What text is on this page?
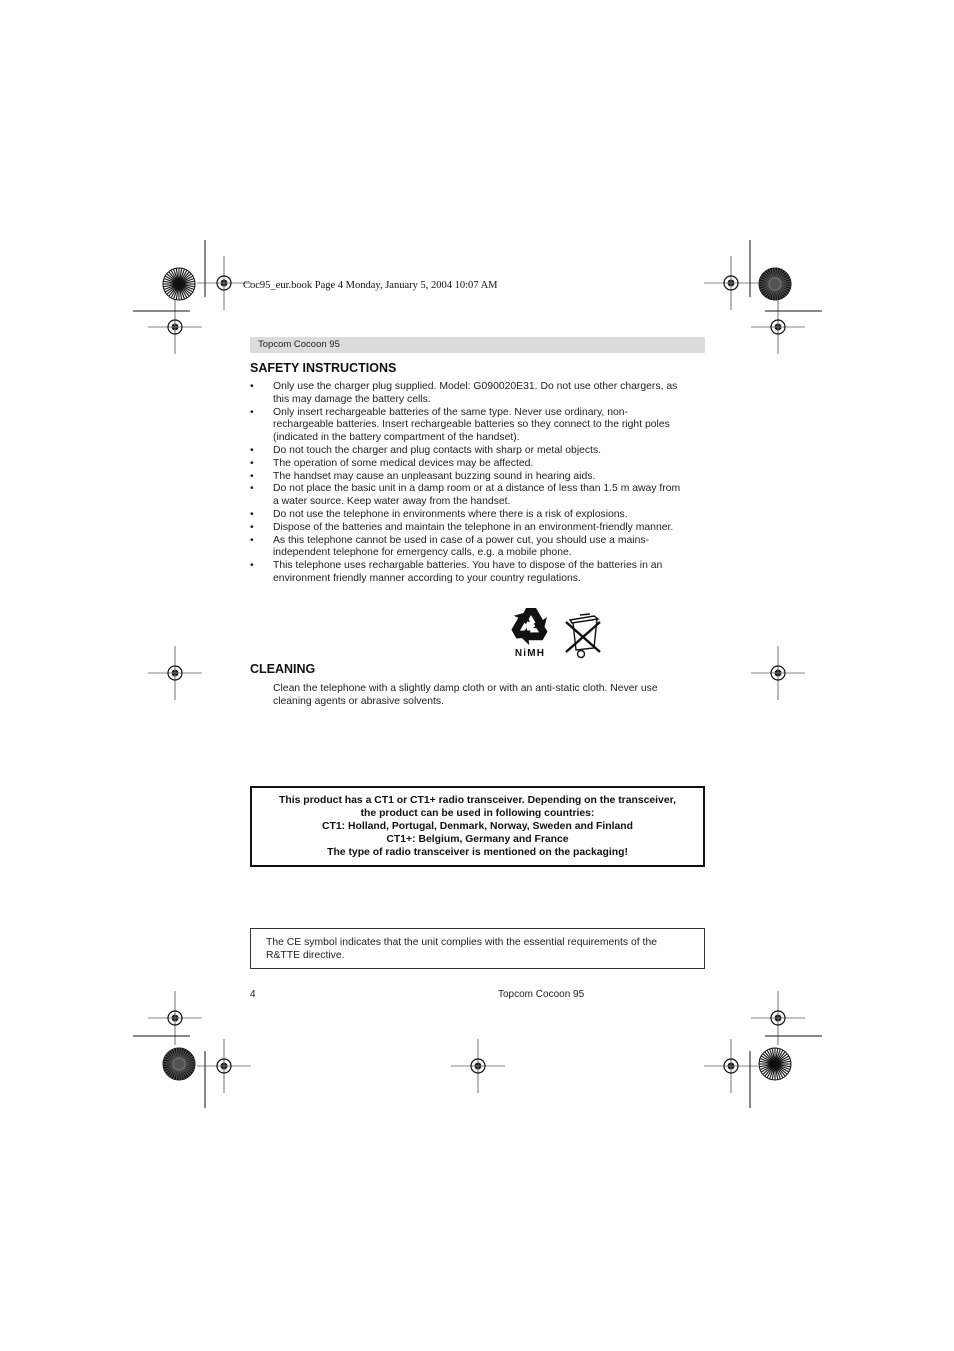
Coc95_eur.book Page 4 Monday, January 5, 2004 10:07 AM
Topcom Cocoon 95
SAFETY INSTRUCTIONS
• Only use the charger plug supplied. Model: G090020E31. Do not use other chargers, as
this may damage the battery cells.
• Only insert rechargeable batteries of the same type. Never use ordinary, non-
rechargeable batteries. Insert rechargeable batteries so they connect to the right poles
(indicated in the battery compartment of the handset).
• Do not touch the charger and plug contacts with sharp or metal objects.
• The operation of some medical devices may be affected.
• The handset may cause an unpleasant buzzing sound in hearing aids.
• Do not place the basic unit in a damp room or at a distance of less than 1.5 m away from
a water source. Keep water away from the handset.
• Do not use the telephone in environments where there is a risk of explosions.
• Dispose of the batteries and maintain the telephone in an environment-friendly manner.
• As this telephone cannot be used in case of a power cut, you should use a mains-
independent telephone for emergency calls, e.g. a mobile phone.
• This telephone uses rechargable batteries. You have to dispose of the batteries in an
environment friendly manner according to your country regulations.
NiMH
CLEANING
Clean the telephone with a slightly damp cloth or with an anti-static cloth. Never use
cleaning agents or abrasive solvents.
This product has a CT1 or CT1+ radio transceiver. Depending on the transceiver,
the product can be used in following countries:
CT1: Holland, Portugal, Denmark, Norway, Sweden and Finland
CT1+: Belgium, Germany and France
The type of radio transceiver is mentioned on the packaging!
The CE symbol indicates that the unit complies with the essential requirements of the
R&TTE directive.
4	Topcom Cocoon 95
